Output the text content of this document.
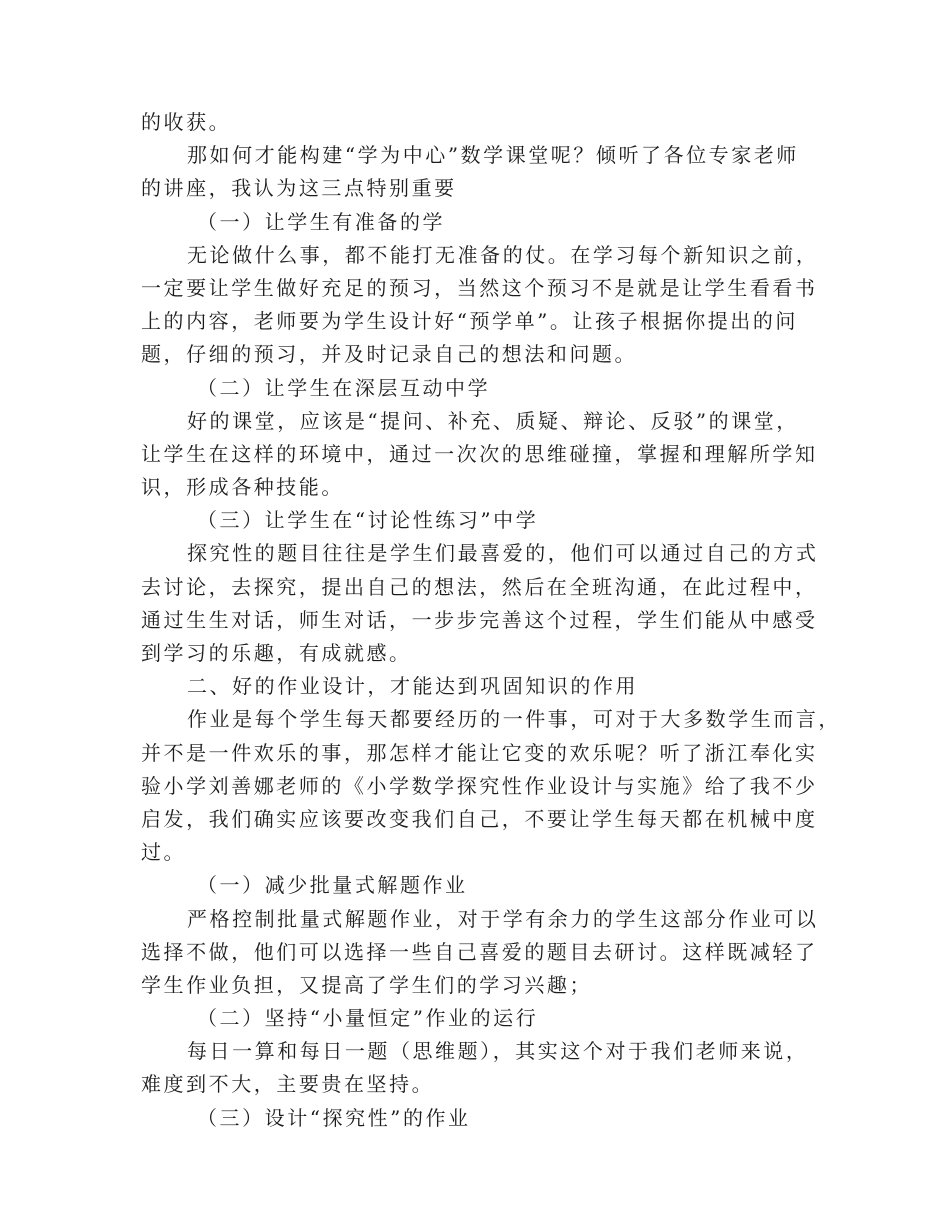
的收获。
那如何才能构建“学为中心”数学课堂呢？倾听了各位专家老师
的讲座，我认为这三点特别重要
（一）让学生有准备的学
无论做什么事，都不能打无准备的仗。在学习每个新知识之前，
一定要让学生做好充足的预习，当然这个预习不是就是让学生看看书
上的内容，老师要为学生设计好“预学单”。让孩子根据你提出的问
题，仔细的预习，并及时记录自己的想法和问题。
（二）让学生在深层互动中学
好的课堂，应该是“提问、补充、质疑、辩论、反驳”的课堂，
让学生在这样的环境中，通过一次次的思维碰撞，掌握和理解所学知
识，形成各种技能。
（三）让学生在“讨论性练习”中学
探究性的题目往往是学生们最喜爱的，他们可以通过自己的方式
去讨论，去探究，提出自己的想法，然后在全班沟通，在此过程中，
通过生生对话，师生对话，一步步完善这个过程，学生们能从中感受
到学习的乐趣，有成就感。
二、好的作业设计，才能达到巩固知识的作用
作业是每个学生每天都要经历的一件事，可对于大多数学生而言，
并不是一件欢乐的事，那怎样才能让它变的欢乐呢？听了浙江奉化实
验小学刘善娜老师的《小学数学探究性作业设计与实施》给了我不少
启发，我们确实应该要改变我们自己，不要让学生每天都在机械中度
过。
（一）减少批量式解题作业
严格控制批量式解题作业，对于学有余力的学生这部分作业可以
选择不做，他们可以选择一些自己喜爱的题目去研讨。这样既减轻了
学生作业负担，又提高了学生们的学习兴趣；
（二）坚持“小量恒定”作业的运行
每日一算和每日一题（思维题），其实这个对于我们老师来说，
难度到不大，主要贵在坚持。
（三）设计“探究性”的作业
